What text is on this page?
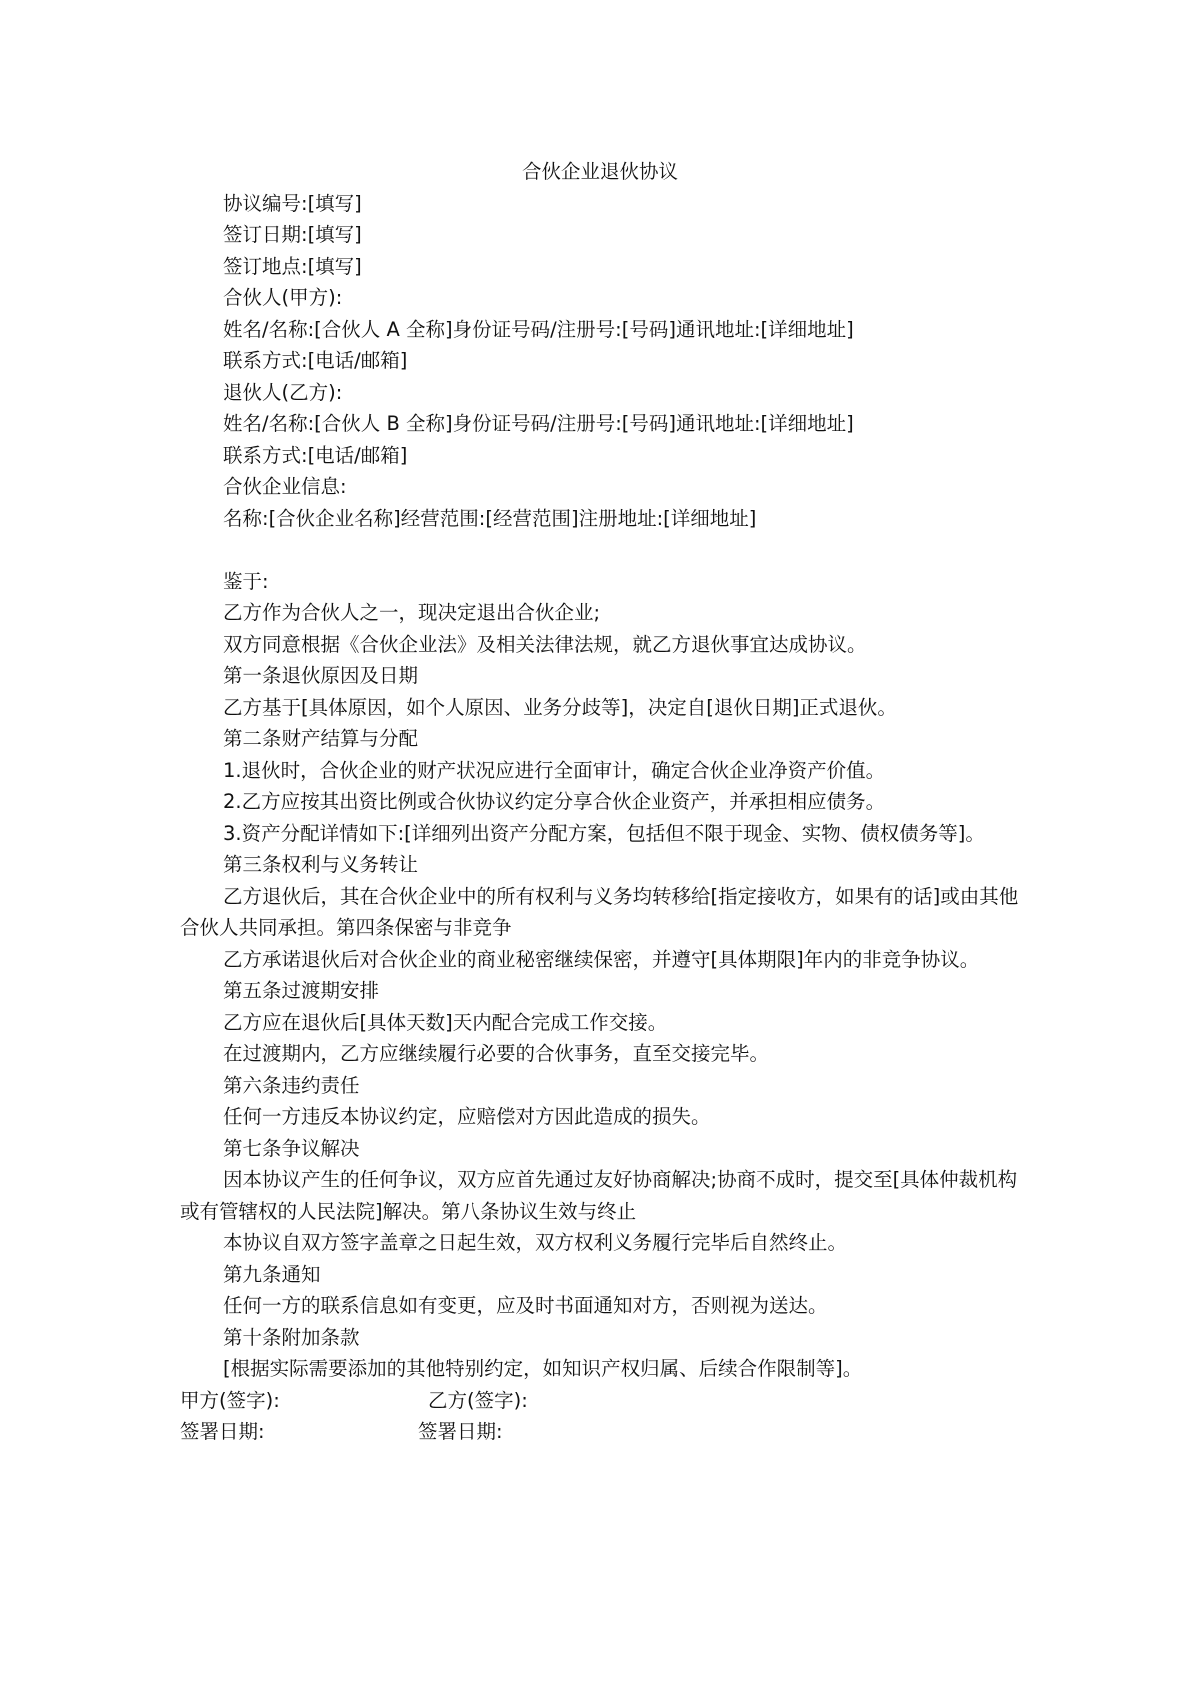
合伙企业退伙协议

协议编号:[填写]

签订日期:[填写]

签订地点:[填写]

合伙人(甲方):

姓名/名称:[合伙人 A 全称]身份证号码/注册号:[号码]通讯地址:[详细地址]

联系方式:[电话/邮箱]

退伙人(乙方):

姓名/名称:[合伙人 B 全称]身份证号码/注册号:[号码]通讯地址:[详细地址]

联系方式:[电话/邮箱]

合伙企业信息:

名称:[合伙企业名称]经营范围:[经营范围]注册地址:[详细地址]

鉴于:

乙方作为合伙人之一，现决定退出合伙企业;

双方同意根据《合伙企业法》及相关法律法规，就乙方退伙事宜达成协议。

第一条退伙原因及日期

乙方基于[具体原因，如个人原因、业务分歧等]，决定自[退伙日期]正式退伙。

第二条财产结算与分配

1.退伙时，合伙企业的财产状况应进行全面审计，确定合伙企业净资产价值。

2.乙方应按其出资比例或合伙协议约定分享合伙企业资产，并承担相应债务。

3.资产分配详情如下:[详细列出资产分配方案，包括但不限于现金、实物、债权债务等]。

第三条权利与义务转让

乙方退伙后，其在合伙企业中的所有权利与义务均转移给[指定接收方，如果有的话]或由其他合伙人共同承担。第四条保密与非竞争

乙方承诺退伙后对合伙企业的商业秘密继续保密，并遵守[具体期限]年内的非竞争协议。

第五条过渡期安排

乙方应在退伙后[具体天数]天内配合完成工作交接。

在过渡期内，乙方应继续履行必要的合伙事务，直至交接完毕。

第六条违约责任

任何一方违反本协议约定，应赔偿对方因此造成的损失。

第七条争议解决

因本协议产生的任何争议，双方应首先通过友好协商解决;协商不成时，提交至[具体仲裁机构或有管辖权的人民法院]解决。第八条协议生效与终止

本协议自双方签字盖章之日起生效，双方权利义务履行完毕后自然终止。

第九条通知

任何一方的联系信息如有变更，应及时书面通知对方，否则视为送达。

第十条附加条款

[根据实际需要添加的其他特别约定，如知识产权归属、后续合作限制等]。

甲方(签字):	乙方(签字):
签署日期:	签署日期:
